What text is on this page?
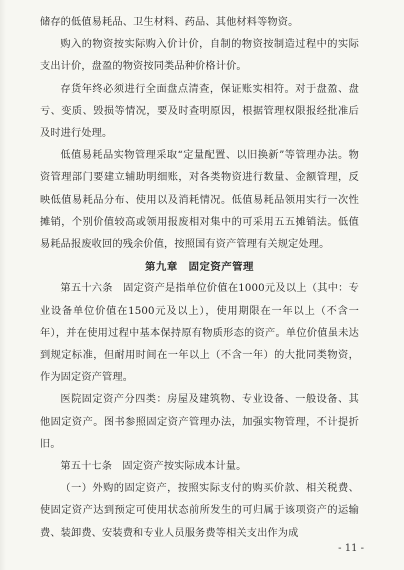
储存的低值易耗品、卫生材料、药品、其他材料等物资。

购入的物资按实际购入价计价，自制的物资按制造过程中的实际支出计价，盘盈的物资按同类品种价格计价。

存货年终必须进行全面盘点清查，保证账实相符。对于盘盈、盘亏、变质、毁损等情况，要及时查明原因，根据管理权限报经批准后及时进行处理。

低值易耗品实物管理采取“定量配置、以旧换新”等管理办法。物资管理部门要建立辅助明细账，对各类物资进行数量、金额管理，反映低值易耗品分布、使用以及消耗情况。低值易耗品领用实行一次性摊销，个别价值较高或领用报废相对集中的可采用五五摊销法。低值易耗品报废收回的残余价值，按照国有资产管理有关规定处理。

第九章　固定资产管理

第五十六条　固定资产是指单位价值在1000元及以上（其中：专业设备单位价值在1500元及以上），使用期限在一年以上（不含一年），并在使用过程中基本保持原有物质形态的资产。单位价值虽未达到规定标准，但耐用时间在一年以上（不含一年）的大批同类物资，作为固定资产管理。

医院固定资产分四类：房屋及建筑物、专业设备、一般设备、其他固定资产。图书参照固定资产管理办法，加强实物管理，不计提折旧。

第五十七条　固定资产按实际成本计量。

（一）外购的固定资产，按照实际支付的购买价款、相关税费、使固定资产达到预定可使用状态前所发生的可归属于该项资产的运输费、装卸费、安装费和专业人员服务费等相关支出作为成

- 11 -
